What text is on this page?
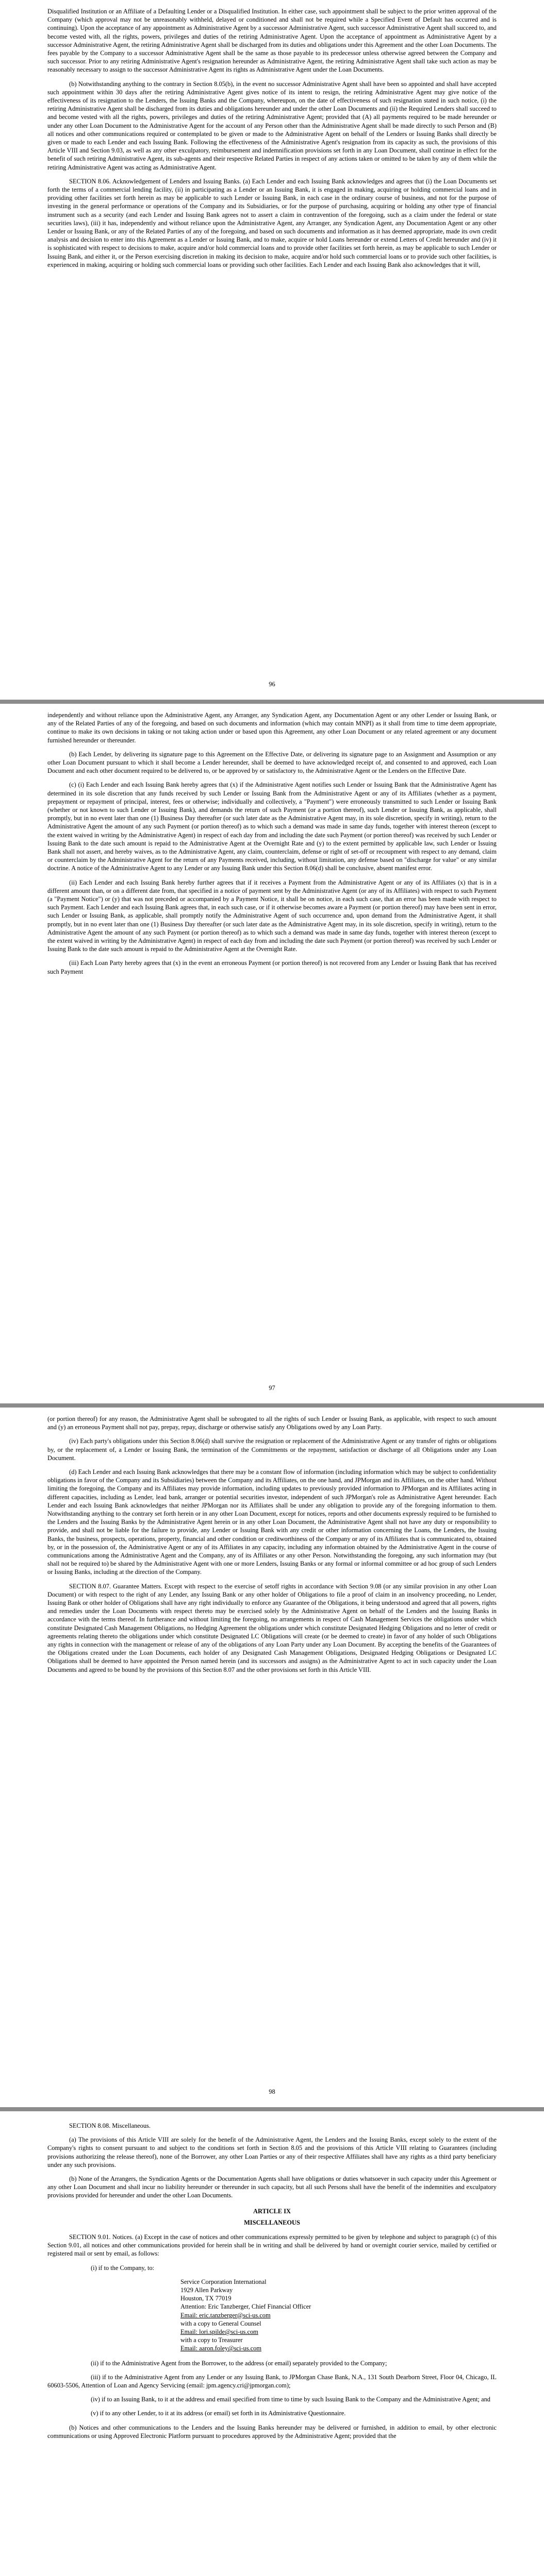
Disqualified Institution or an Affiliate of a Defaulting Lender or a Disqualified Institution. In either case, such appointment shall be subject to the prior written approval of the Company (which approval may not be unreasonably withheld, delayed or conditioned and shall not be required while a Specified Event of Default has occurred and is continuing). Upon the acceptance of any appointment as Administrative Agent by a successor Administrative Agent, such successor Administrative Agent shall succeed to, and become vested with, all the rights, powers, privileges and duties of the retiring Administrative Agent. Upon the acceptance of appointment as Administrative Agent by a successor Administrative Agent, the retiring Administrative Agent shall be discharged from its duties and obligations under this Agreement and the other Loan Documents. The fees payable by the Company to a successor Administrative Agent shall be the same as those payable to its predecessor unless otherwise agreed between the Company and such successor. Prior to any retiring Administrative Agent's resignation hereunder as Administrative Agent, the retiring Administrative Agent shall take such action as may be reasonably necessary to assign to the successor Administrative Agent its rights as Administrative Agent under the Loan Documents.

(b) Notwithstanding anything to the contrary in Section 8.05(b), in the event no successor Administrative Agent shall have been so appointed and shall have accepted such appointment within 30 days after the retiring Administrative Agent gives notice of its intent to resign, the retiring Administrative Agent may give notice of the effectiveness of its resignation to the Lenders, the Issuing Banks and the Company, whereupon, on the date of effectiveness of such resignation stated in such notice, (i) the retiring Administrative Agent shall be discharged from its duties and obligations hereunder and under the other Loan Documents and (ii) the Required Lenders shall succeed to and become vested with all the rights, powers, privileges and duties of the retiring Administrative Agent; provided that (A) all payments required to be made hereunder or under any other Loan Document to the Administrative Agent for the account of any Person other than the Administrative Agent shall be made directly to such Person and (B) all notices and other communications required or contemplated to be given or made to the Administrative Agent on behalf of the Lenders or Issuing Banks shall directly be given or made to each Lender and each Issuing Bank. Following the effectiveness of the Administrative Agent's resignation from its capacity as such, the provisions of this Article VIII and Section 9.03, as well as any other exculpatory, reimbursement and indemnification provisions set forth in any Loan Document, shall continue in effect for the benefit of such retiring Administrative Agent, its sub-agents and their respective Related Parties in respect of any actions taken or omitted to be taken by any of them while the retiring Administrative Agent was acting as Administrative Agent.

SECTION 8.06. Acknowledgement of Lenders and Issuing Banks. (a) Each Lender and each Issuing Bank acknowledges and agrees that (i) the Loan Documents set forth the terms of a commercial lending facility, (ii) in participating as a Lender or an Issuing Bank, it is engaged in making, acquiring or holding commercial loans and in providing other facilities set forth herein as may be applicable to such Lender or Issuing Bank, in each case in the ordinary course of business, and not for the purpose of investing in the general performance or operations of the Company and its Subsidiaries, or for the purpose of purchasing, acquiring or holding any other type of financial instrument such as a security (and each Lender and Issuing Bank agrees not to assert a claim in contravention of the foregoing, such as a claim under the federal or state securities laws), (iii) it has, independently and without reliance upon the Administrative Agent, any Arranger, any Syndication Agent, any Documentation Agent or any other Lender or Issuing Bank, or any of the Related Parties of any of the foregoing, and based on such documents and information as it has deemed appropriate, made its own credit analysis and decision to enter into this Agreement as a Lender or Issuing Bank, and to make, acquire or hold Loans hereunder or extend Letters of Credit hereunder and (iv) it is sophisticated with respect to decisions to make, acquire and/or hold commercial loans and to provide other facilities set forth herein, as may be applicable to such Lender or Issuing Bank, and either it, or the Person exercising discretion in making its decision to make, acquire and/or hold such commercial loans or to provide such other facilities, is experienced in making, acquiring or holding such commercial loans or providing such other facilities. Each Lender and each Issuing Bank also acknowledges that it will,

96

independently and without reliance upon the Administrative Agent, any Arranger, any Syndication Agent, any Documentation Agent or any other Lender or Issuing Bank, or any of the Related Parties of any of the foregoing, and based on such documents and information (which may contain MNPI) as it shall from time to time deem appropriate, continue to make its own decisions in taking or not taking action under or based upon this Agreement, any other Loan Document or any related agreement or any document furnished hereunder or thereunder.

(b) Each Lender, by delivering its signature page to this Agreement on the Effective Date, or delivering its signature page to an Assignment and Assumption or any other Loan Document pursuant to which it shall become a Lender hereunder, shall be deemed to have acknowledged receipt of, and consented to and approved, each Loan Document and each other document required to be delivered to, or be approved by or satisfactory to, the Administrative Agent or the Lenders on the Effective Date.

(c) (i) Each Lender and each Issuing Bank hereby agrees that (x) if the Administrative Agent notifies such Lender or Issuing Bank that the Administrative Agent has determined in its sole discretion that any funds received by such Lender or Issuing Bank from the Administrative Agent or any of its Affiliates (whether as a payment, prepayment or repayment of principal, interest, fees or otherwise; individually and collectively, a "Payment") were erroneously transmitted to such Lender or Issuing Bank (whether or not known to such Lender or Issuing Bank), and demands the return of such Payment (or a portion thereof), such Lender or Issuing Bank, as applicable, shall promptly, but in no event later than one (1) Business Day thereafter (or such later date as the Administrative Agent may, in its sole discretion, specify in writing), return to the Administrative Agent the amount of any such Payment (or portion thereof) as to which such a demand was made in same day funds, together with interest thereon (except to the extent waived in writing by the Administrative Agent) in respect of each day from and including the date such Payment (or portion thereof) was received by such Lender or Issuing Bank to the date such amount is repaid to the Administrative Agent at the Overnight Rate and (y) to the extent permitted by applicable law, such Lender or Issuing Bank shall not assert, and hereby waives, as to the Administrative Agent, any claim, counterclaim, defense or right of set-off or recoupment with respect to any demand, claim or counterclaim by the Administrative Agent for the return of any Payments received, including, without limitation, any defense based on "discharge for value" or any similar doctrine. A notice of the Administrative Agent to any Lender or any Issuing Bank under this Section 8.06(d) shall be conclusive, absent manifest error.

(ii) Each Lender and each Issuing Bank hereby further agrees that if it receives a Payment from the Administrative Agent or any of its Affiliates (x) that is in a different amount than, or on a different date from, that specified in a notice of payment sent by the Administrative Agent (or any of its Affiliates) with respect to such Payment (a "Payment Notice") or (y) that was not preceded or accompanied by a Payment Notice, it shall be on notice, in each such case, that an error has been made with respect to such Payment. Each Lender and each Issuing Bank agrees that, in each such case, or if it otherwise becomes aware a Payment (or portion thereof) may have been sent in error, such Lender or Issuing Bank, as applicable, shall promptly notify the Administrative Agent of such occurrence and, upon demand from the Administrative Agent, it shall promptly, but in no event later than one (1) Business Day thereafter (or such later date as the Administrative Agent may, in its sole discretion, specify in writing), return to the Administrative Agent the amount of any such Payment (or portion thereof) as to which such a demand was made in same day funds, together with interest thereon (except to the extent waived in writing by the Administrative Agent) in respect of each day from and including the date such Payment (or portion thereof) was received by such Lender or Issuing Bank to the date such amount is repaid to the Administrative Agent at the Overnight Rate.

(iii) Each Loan Party hereby agrees that (x) in the event an erroneous Payment (or portion thereof) is not recovered from any Lender or Issuing Bank that has received such Payment

97

(or portion thereof) for any reason, the Administrative Agent shall be subrogated to all the rights of such Lender or Issuing Bank, as applicable, with respect to such amount and (y) an erroneous Payment shall not pay, prepay, repay, discharge or otherwise satisfy any Obligations owed by any Loan Party.

(iv) Each party's obligations under this Section 8.06(d) shall survive the resignation or replacement of the Administrative Agent or any transfer of rights or obligations by, or the replacement of, a Lender or Issuing Bank, the termination of the Commitments or the repayment, satisfaction or discharge of all Obligations under any Loan Document.

(d) Each Lender and each Issuing Bank acknowledges that there may be a constant flow of information (including information which may be subject to confidentiality obligations in favor of the Company and its Subsidiaries) between the Company and its Affiliates, on the one hand, and JPMorgan and its Affiliates, on the other hand. Without limiting the foregoing, the Company and its Affiliates may provide information, including updates to previously provided information to JPMorgan and its Affiliates acting in different capacities, including as Lender, lead bank, arranger or potential securities investor, independent of such JPMorgan's role as Administrative Agent hereunder. Each Lender and each Issuing Bank acknowledges that neither JPMorgan nor its Affiliates shall be under any obligation to provide any of the foregoing information to them. Notwithstanding anything to the contrary set forth herein or in any other Loan Document, except for notices, reports and other documents expressly required to be furnished to the Lenders and the Issuing Banks by the Administrative Agent herein or in any other Loan Document, the Administrative Agent shall not have any duty or responsibility to provide, and shall not be liable for the failure to provide, any Lender or Issuing Bank with any credit or other information concerning the Loans, the Lenders, the Issuing Banks, the business, prospects, operations, property, financial and other condition or creditworthiness of the Company or any of its Affiliates that is communicated to, obtained by, or in the possession of, the Administrative Agent or any of its Affiliates in any capacity, including any information obtained by the Administrative Agent in the course of communications among the Administrative Agent and the Company, any of its Affiliates or any other Person. Notwithstanding the foregoing, any such information may (but shall not be required to) be shared by the Administrative Agent with one or more Lenders, Issuing Banks or any formal or informal committee or ad hoc group of such Lenders or Issuing Banks, including at the direction of the Company.

SECTION 8.07. Guarantee Matters. Except with respect to the exercise of setoff rights in accordance with Section 9.08 (or any similar provision in any other Loan Document) or with respect to the right of any Lender, any Issuing Bank or any other holder of Obligations to file a proof of claim in an insolvency proceeding, no Lender, Issuing Bank or other holder of Obligations shall have any right individually to enforce any Guarantee of the Obligations, it being understood and agreed that all powers, rights and remedies under the Loan Documents with respect thereto may be exercised solely by the Administrative Agent on behalf of the Lenders and the Issuing Banks in accordance with the terms thereof. In furtherance and without limiting the foregoing, no arrangements in respect of Cash Management Services the obligations under which constitute Designated Cash Management Obligations, no Hedging Agreement the obligations under which constitute Designated Hedging Obligations and no letter of credit or agreements relating thereto the obligations under which constitute Designated LC Obligations will create (or be deemed to create) in favor of any holder of such Obligations any rights in connection with the management or release of any of the obligations of any Loan Party under any Loan Document. By accepting the benefits of the Guarantees of the Obligations created under the Loan Documents, each holder of any Designated Cash Management Obligations, Designated Hedging Obligations or Designated LC Obligations shall be deemed to have appointed the Person named herein (and its successors and assigns) as the Administrative Agent to act in such capacity under the Loan Documents and agreed to be bound by the provisions of this Section 8.07 and the other provisions set forth in this Article VIII.

98

SECTION 8.08. Miscellaneous.

(a) The provisions of this Article VIII are solely for the benefit of the Administrative Agent, the Lenders and the Issuing Banks, except solely to the extent of the Company's rights to consent pursuant to and subject to the conditions set forth in Section 8.05 and the provisions of this Article VIII relating to Guarantees (including provisions authorizing the release thereof), none of the Borrower, any other Loan Parties or any of their respective Affiliates shall have any rights as a third party beneficiary under any such provisions.

(b) None of the Arrangers, the Syndication Agents or the Documentation Agents shall have obligations or duties whatsoever in such capacity under this Agreement or any other Loan Document and shall incur no liability hereunder or thereunder in such capacity, but all such Persons shall have the benefit of the indemnities and exculpatory provisions provided for hereunder and under the other Loan Documents.

ARTICLE IX

MISCELLANEOUS

SECTION 9.01. Notices. (a) Except in the case of notices and other communications expressly permitted to be given by telephone and subject to paragraph (c) of this Section 9.01, all notices and other communications provided for herein shall be in writing and shall be delivered by hand or overnight courier service, mailed by certified or registered mail or sent by email, as follows:

(i) if to the Company, to:

Service Corporation International
1929 Allen Parkway
Houston, TX 77019
Attention: Eric Tanzberger, Chief Financial Officer
Email: eric.tanzberger@sci-us.com
with a copy to General Counsel
Email: lori.spilde@sci-us.com
with a copy to Treasurer
Email: aaron.foley@sci-us.com

(ii) if to the Administrative Agent from the Borrower, to the address (or email) separately provided to the Company;

(iii) if to the Administrative Agent from any Lender or any Issuing Bank, to JPMorgan Chase Bank, N.A., 131 South Dearborn Street, Floor 04, Chicago, IL 60603-5506, Attention of Loan and Agency Servicing (email: jpm.agency.cri@jpmorgan.com);

(iv) if to an Issuing Bank, to it at the address and email specified from time to time by such Issuing Bank to the Company and the Administrative Agent; and

(v) if to any other Lender, to it at its address (or email) set forth in its Administrative Questionnaire.

(b) Notices and other communications to the Lenders and the Issuing Banks hereunder may be delivered or furnished, in addition to email, by other electronic communications or using Approved Electronic Platform pursuant to procedures approved by the Administrative Agent; provided that the
